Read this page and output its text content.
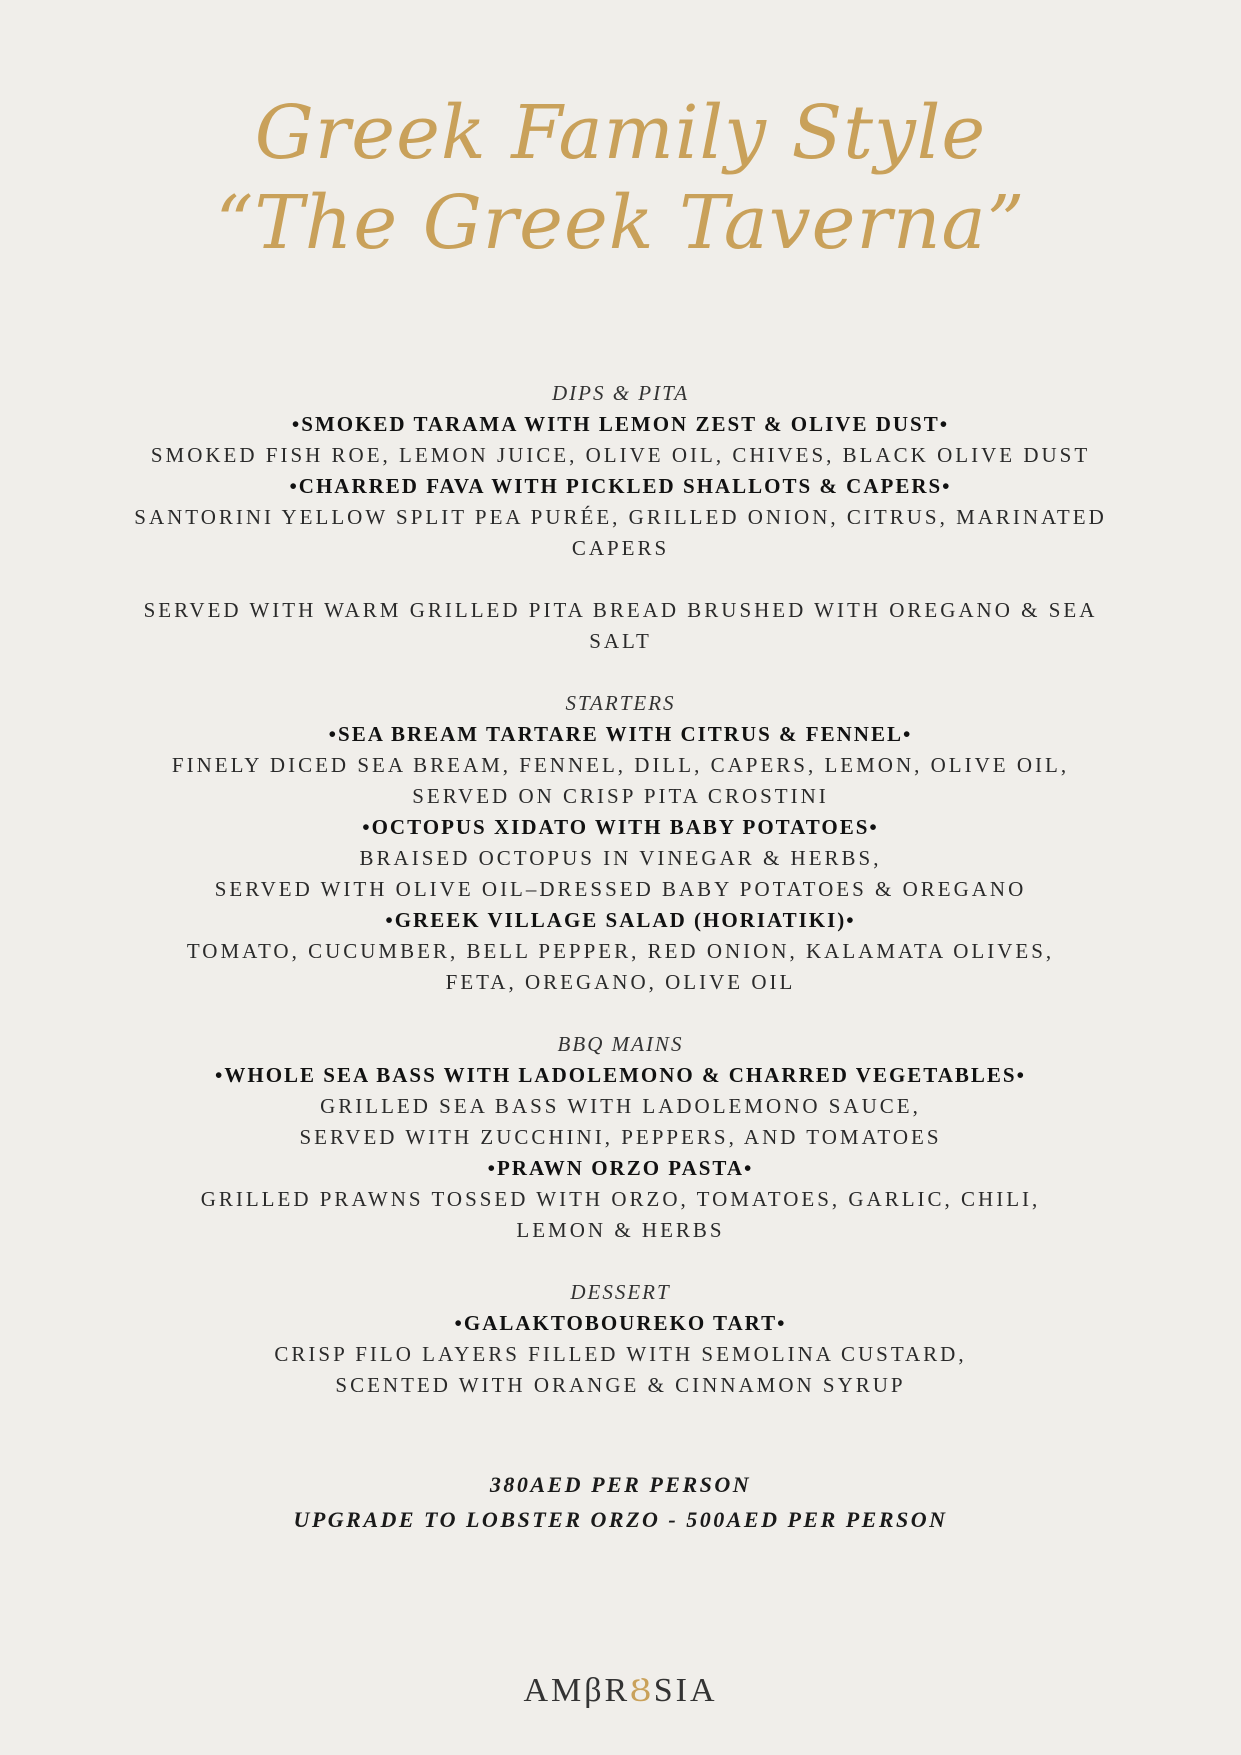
Greek Family Style
“The Greek Taverna”
DIPS & PITA
•SMOKED TARAMA WITH LEMON ZEST & OLIVE DUST•
SMOKED FISH ROE, LEMON JUICE, OLIVE OIL, CHIVES, BLACK OLIVE DUST
•CHARRED FAVA WITH PICKLED SHALLOTS & CAPERS•
SANTORINI YELLOW SPLIT PEA PURÉE, GRILLED ONION, CITRUS, MARINATED
CAPERS
SERVED WITH WARM GRILLED PITA BREAD BRUSHED WITH OREGANO & SEA
SALT
STARTERS
•SEA BREAM TARTARE WITH CITRUS & FENNEL•
FINELY DICED SEA BREAM, FENNEL, DILL, CAPERS, LEMON, OLIVE OIL,
SERVED ON CRISP PITA CROSTINI
•OCTOPUS XIDATO WITH BABY POTATOES•
BRAISED OCTOPUS IN VINEGAR & HERBS,
SERVED WITH OLIVE OIL–DRESSED BABY POTATOES & OREGANO
•GREEK VILLAGE SALAD (HORIATIKI)•
TOMATO, CUCUMBER, BELL PEPPER, RED ONION, KALAMATA OLIVES,
FETA, OREGANO, OLIVE OIL
BBQ MAINS
•WHOLE SEA BASS WITH LADOLEMONO & CHARRED VEGETABLES•
GRILLED SEA BASS WITH LADOLEMONO SAUCE,
SERVED WITH ZUCCHINI, PEPPERS, AND TOMATOES
•PRAWN ORZO PASTA•
GRILLED PRAWNS TOSSED WITH ORZO, TOMATOES, GARLIC, CHILI,
LEMON & HERBS
DESSERT
•GALAKTOBOUREKO TART•
CRISP FILO LAYERS FILLED WITH SEMOLINA CUSTARD,
SCENTED WITH ORANGE & CINNAMON SYRUP
380AED PER PERSON
UPGRADE TO LOBSTER ORZO - 500AED PER PERSON
AMβRȢSIA
